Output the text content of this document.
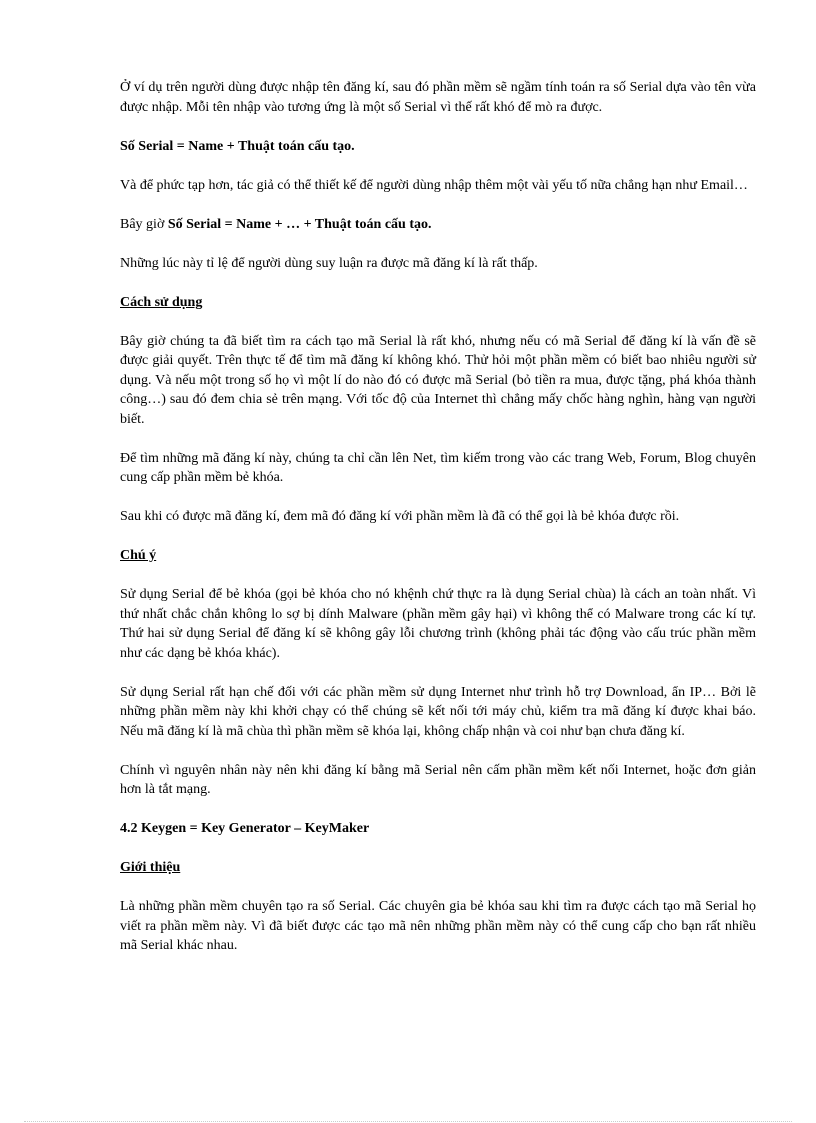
Ở ví dụ trên người dùng được nhập tên đăng kí, sau đó phần mềm sẽ ngầm tính toán ra số Serial dựa vào tên vừa được nhập. Mỗi tên nhập vào tương ứng là một số Serial vì thế rất khó để mò ra được.

Số Serial = Name + Thuật toán cấu tạo.

Và để phức tạp hơn, tác giả có thể thiết kế để người dùng nhập thêm một vài yếu tố nữa chẳng hạn như Email…

Bây giờ Số Serial = Name + … + Thuật toán cấu tạo.

Những lúc này tỉ lệ để người dùng suy luận ra được mã đăng kí là rất thấp.

Cách sử dụng

Bây giờ chúng ta đã biết tìm ra cách tạo mã Serial là rất khó, nhưng nếu có mã Serial để đăng kí là vấn đề sẽ được giải quyết. Trên thực tế để tìm mã đăng kí không khó. Thử hỏi một phần mềm có biết bao nhiêu người sử dụng. Và nếu một trong số họ vì một lí do nào đó có được mã Serial (bỏ tiền ra mua, được tặng, phá khóa thành công…) sau đó đem chia sẻ trên mạng. Với tốc độ của Internet thì chẳng mấy chốc hàng nghìn, hàng vạn người biết.

Để tìm những mã đăng kí này, chúng ta chỉ cần lên Net, tìm kiếm trong vào các trang Web, Forum, Blog chuyên cung cấp phần mềm bẻ khóa.

Sau khi có được mã đăng kí, đem mã đó đăng kí với phần mềm là đã có thể gọi là bẻ khóa được rồi.

Chú ý

Sử dụng Serial để bẻ khóa (gọi bẻ khóa cho nó khệnh chứ thực ra là dụng Serial chùa) là cách an toàn nhất. Vì thứ nhất chắc chắn không lo sợ bị dính Malware (phần mềm gây hại) vì không thể có Malware trong các kí tự. Thứ hai sử dụng Serial để đăng kí sẽ không gây lỗi chương trình (không phải tác động vào cấu trúc phần mềm như các dạng bẻ khóa khác).

Sử dụng Serial rất hạn chế đối với các phần mềm sử dụng Internet như trình hỗ trợ Download, ẩn IP… Bởi lẽ những phần mềm này khi khởi chạy có thể chúng sẽ kết nối tới máy chủ, kiểm tra mã đăng kí được khai báo. Nếu mã đăng kí là mã chùa thì phần mềm sẽ khóa lại, không chấp nhận và coi như bạn chưa đăng kí.

Chính vì nguyên nhân này nên khi đăng kí bằng mã Serial nên cấm phần mềm kết nối Internet, hoặc đơn giản hơn là tắt mạng.

4.2 Keygen = Key Generator – KeyMaker

Giới thiệu

Là những phần mềm chuyên tạo ra số Serial. Các chuyên gia bẻ khóa sau khi tìm ra được cách tạo mã Serial họ viết ra phần mềm này. Vì đã biết được các tạo mã nên những phần mềm này có thể cung cấp cho bạn rất nhiều mã Serial khác nhau.
